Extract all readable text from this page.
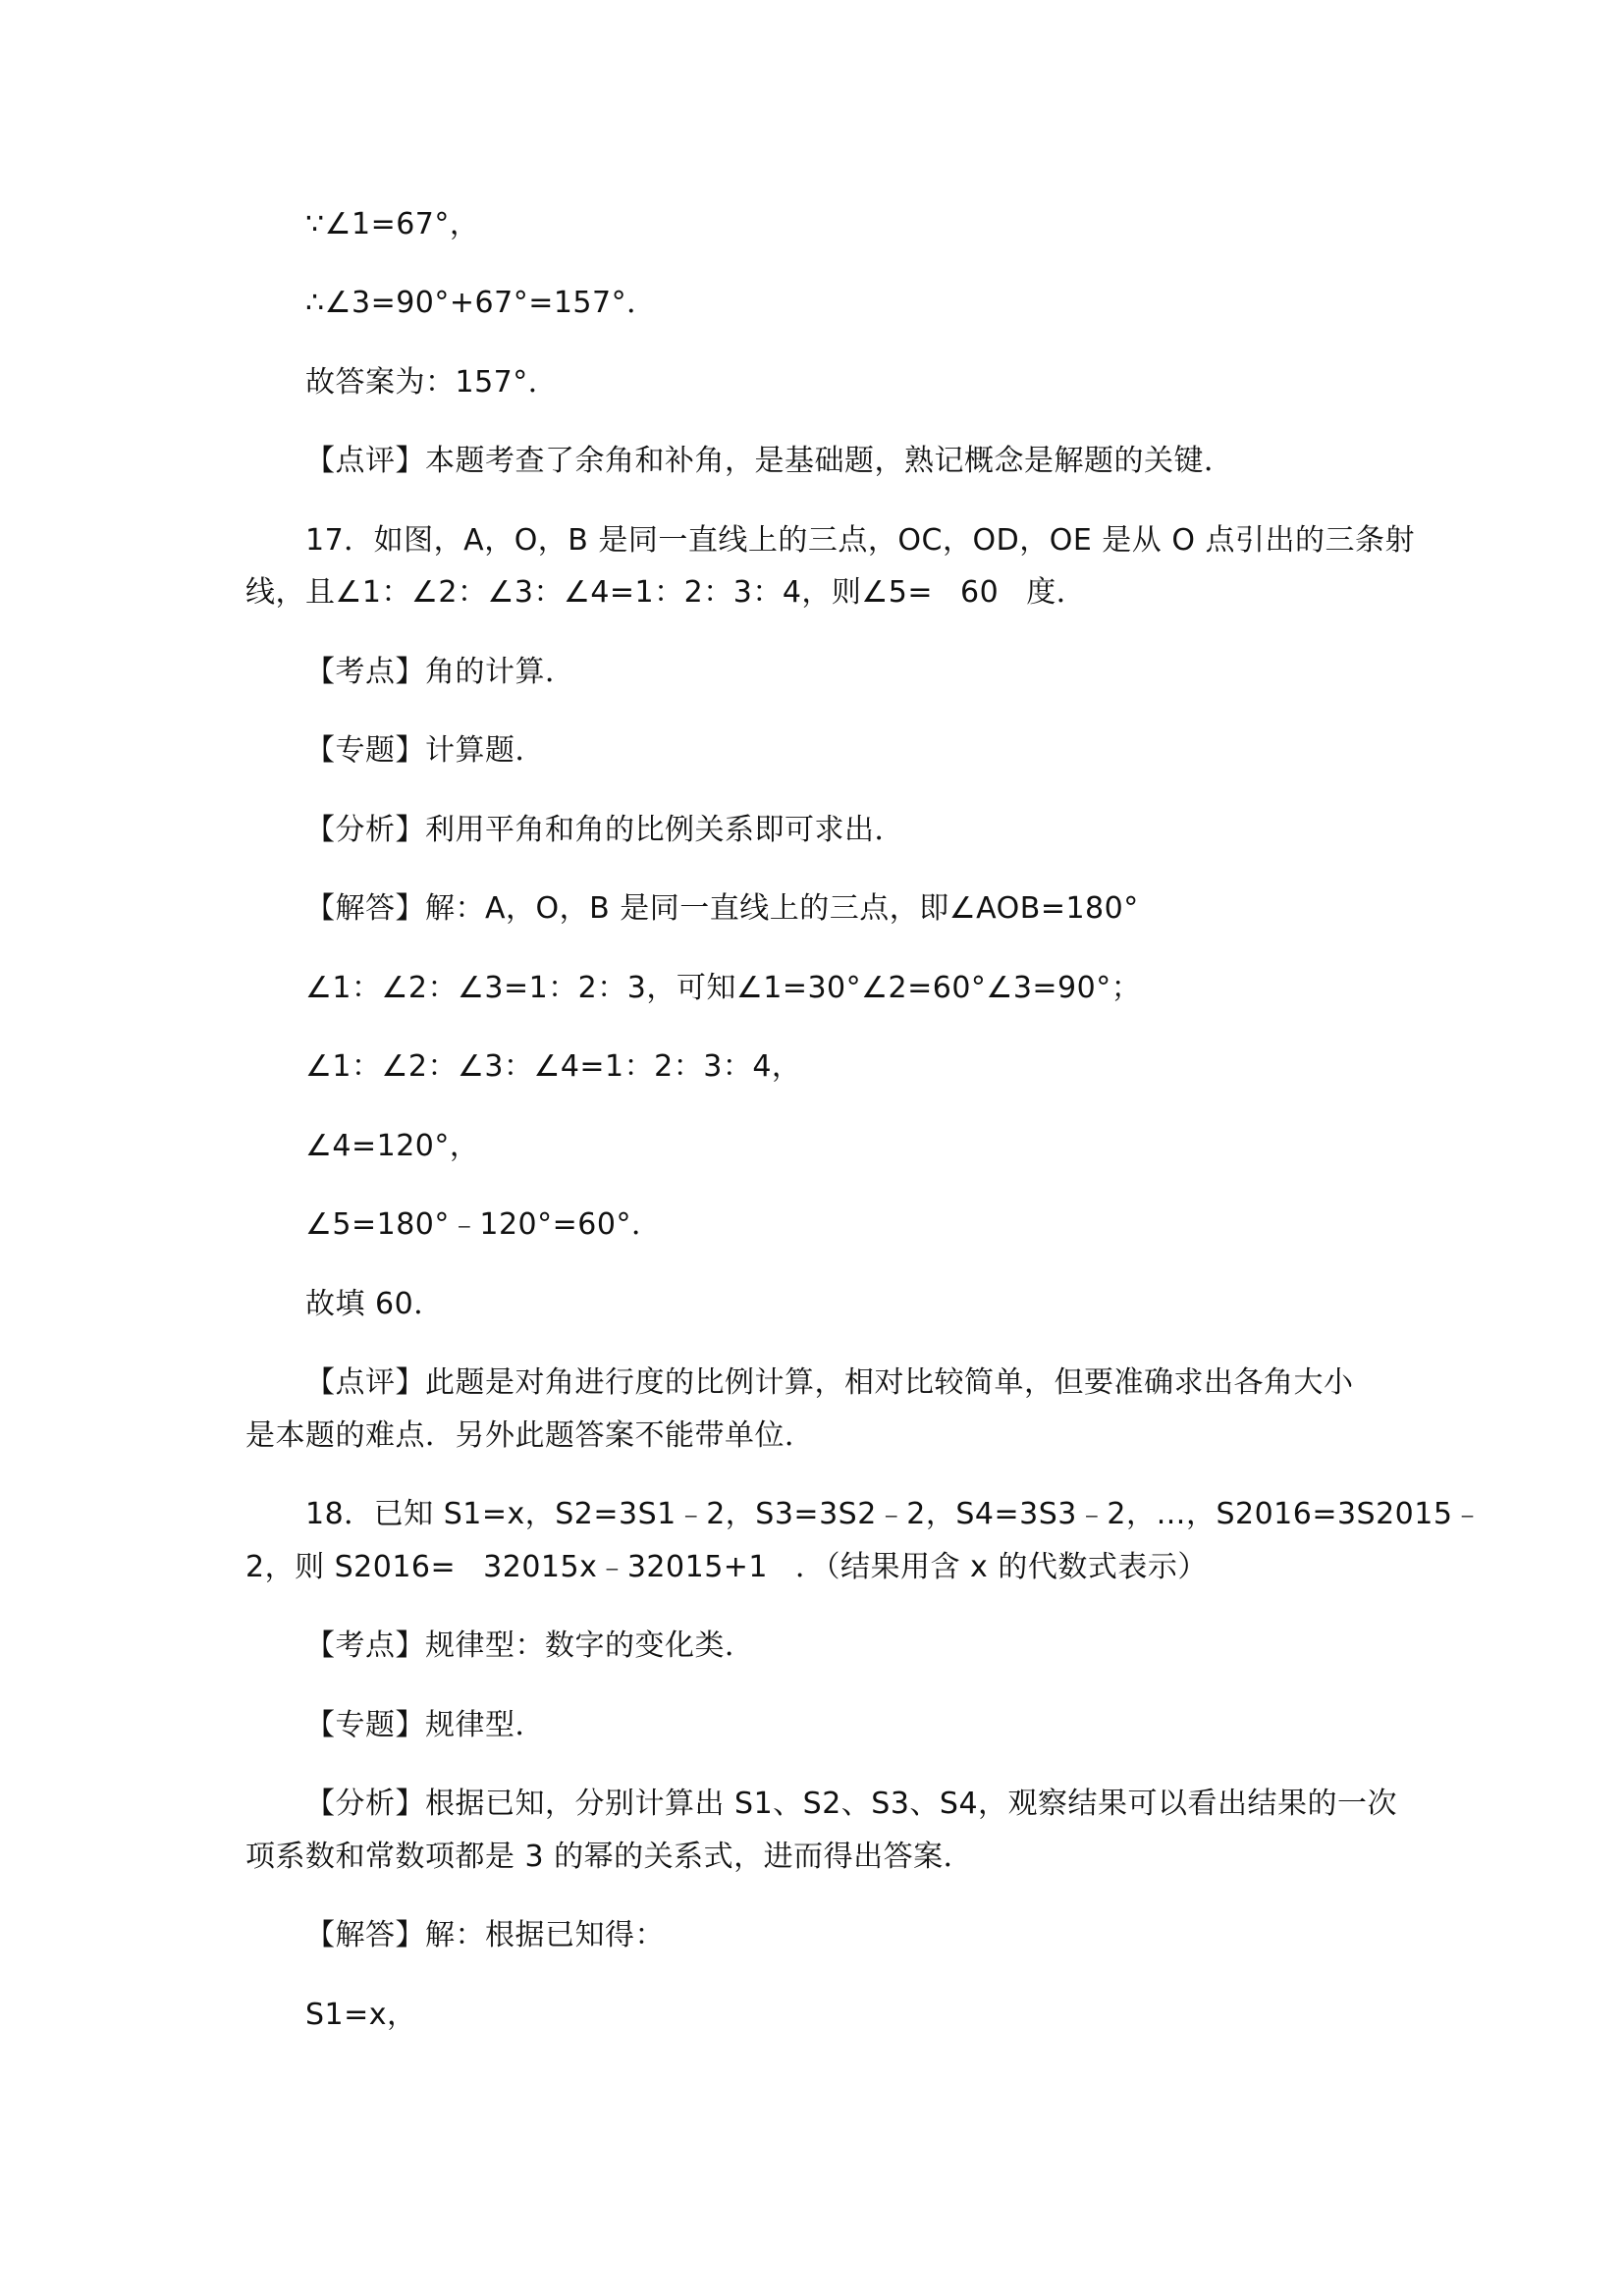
∵∠1=67°，
∴∠3=90°+67°=157°．
故答案为：157°．
【点评】本题考查了余角和补角，是基础题，熟记概念是解题的关键．
17．如图，A，O，B 是同一直线上的三点，OC，OD，OE 是从 O 点引出的三条射
线，且∠1：∠2：∠3：∠4=1：2：3：4，则∠5= 60 度．
【考点】角的计算．
【专题】计算题．
【分析】利用平角和角的比例关系即可求出．
【解答】解：A，O，B 是同一直线上的三点，即∠AOB=180°
∠1：∠2：∠3=1：2：3，可知∠1=30°∠2=60°∠3=90°；
∠1：∠2：∠3：∠4=1：2：3：4，
∠4=120°，
∠5=180°﹣120°=60°．
故填 60．
【点评】此题是对角进行度的比例计算，相对比较简单，但要准确求出各角大小
是本题的难点．另外此题答案不能带单位．
18．已知 S1=x，S2=3S1﹣2，S3=3S2﹣2，S4=3S3﹣2，…，S2016=3S2015﹣
2，则 S2016= 32015x﹣32015+1 ．（结果用含 x 的代数式表示）
【考点】规律型：数字的变化类．
【专题】规律型．
【分析】根据已知，分别计算出 S1、S2、S3、S4，观察结果可以看出结果的一次
项系数和常数项都是 3 的幂的关系式，进而得出答案．
【解答】解：根据已知得：
S1=x，
